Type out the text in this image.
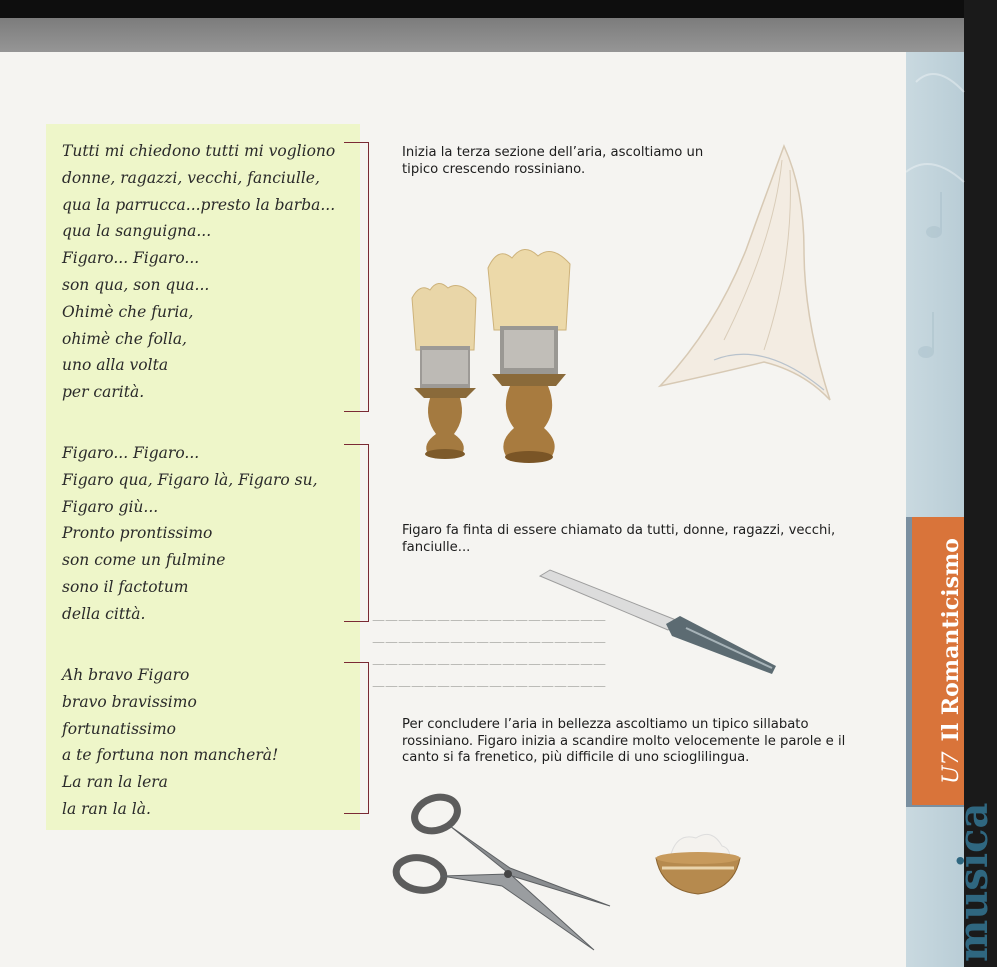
——————————————————
——————————————————
——————————————————
——————————————————
U7Il Romanticismo
musica
Tutti mi chiedono tutti mi vogliono
donne, ragazzi, vecchi, fanciulle,
qua la parrucca...presto la barba...
qua la sanguigna...
Figaro... Figaro...
son qua, son qua...
Ohimè che furia,
ohimè che folla,
uno alla volta
per carità.
Figaro... Figaro...
Figaro qua, Figaro là, Figaro su,
Figaro giù...
Pronto prontissimo
son come un fulmine
sono il factotum
della città.
Ah bravo Figaro
bravo bravissimo
fortunatissimo
a te fortuna non mancherà!
La ran la lera
la ran la là.

Inizia la terza sezione dell’aria, ascoltiamo un tipico crescendo rossiniano.

Figaro fa finta di essere chiamato da tutti, donne, ragazzi, vecchi, fanciulle...

Per concludere l’aria in bellezza ascoltiamo un tipico sillabato rossiniano. Figaro inizia a scandire molto velocemente le parole e il canto si fa frenetico, più difficile di uno scioglilingua.
